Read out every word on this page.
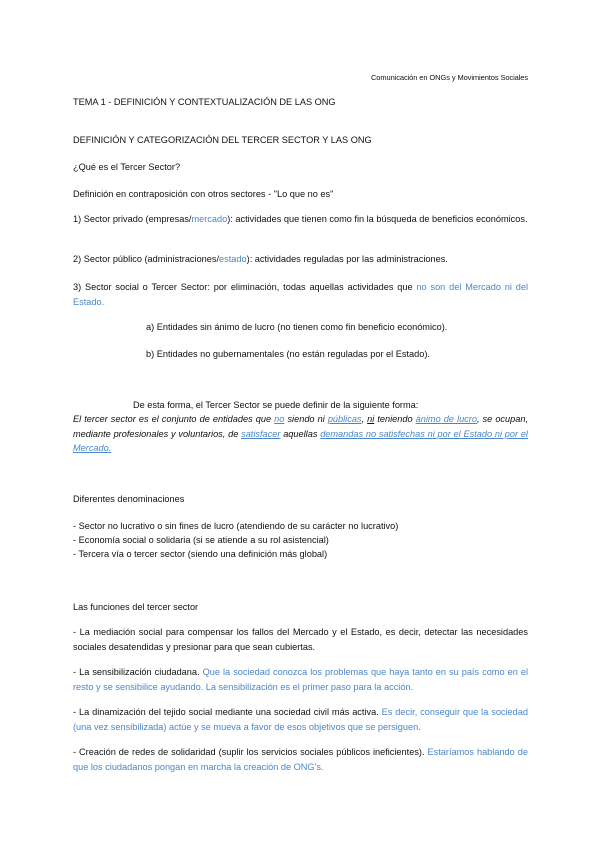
Comunicación en ONGs y Movimientos Sociales
TEMA 1 - DEFINICIÓN Y CONTEXTUALIZACIÓN DE LAS ONG
DEFINICIÓN Y CATEGORIZACIÓN DEL TERCER SECTOR Y LAS ONG
¿Qué es el Tercer Sector?
Definición en contraposición con otros sectores - "Lo que no es"
1) Sector privado (empresas/mercado): actividades que tienen como fin la búsqueda de beneficios económicos.
2) Sector público (administraciones/estado): actividades reguladas por las administraciones.
3) Sector social o Tercer Sector: por eliminación, todas aquellas actividades que no son del Mercado ni del Estado.
a) Entidades sin ánimo de lucro (no tienen como fin beneficio económico).
b) Entidades no gubernamentales (no están reguladas por el Estado).
De esta forma, el Tercer Sector se puede definir de la siguiente forma:
El tercer sector es el conjunto de entidades que no siendo ni públicas, ni teniendo ánimo de lucro, se ocupan, mediante profesionales y voluntarios, de satisfacer aquellas demandas no satisfechas ni por el Estado ni por el Mercado.
Diferentes denominaciones
- Sector no lucrativo o sin fines de lucro (atendiendo de su carácter no lucrativo)
- Economía social o solidaria (si se atiende a su rol asistencial)
- Tercera vía o tercer sector (siendo una definición más global)
Las funciones del tercer sector
- La mediación social para compensar los fallos del Mercado y el Estado, es decir, detectar las necesidades sociales desatendidas y presionar para que sean cubiertas.
- La sensibilización ciudadana. Que la sociedad conozca los problemas que haya tanto en su país como en el resto y se sensibilice ayudando. La sensibilización es el primer paso para la acción.
- La dinamización del tejido social mediante una sociedad civil más activa. Es decir, conseguir que la sociedad (una vez sensibilizada) actúe y se mueva a favor de esos objetivos que se persiguen.
- Creación de redes de solidaridad (suplir los servicios sociales públicos ineficientes). Estaríamos hablando de que los ciudadanos pongan en marcha la creación de ONG's.
